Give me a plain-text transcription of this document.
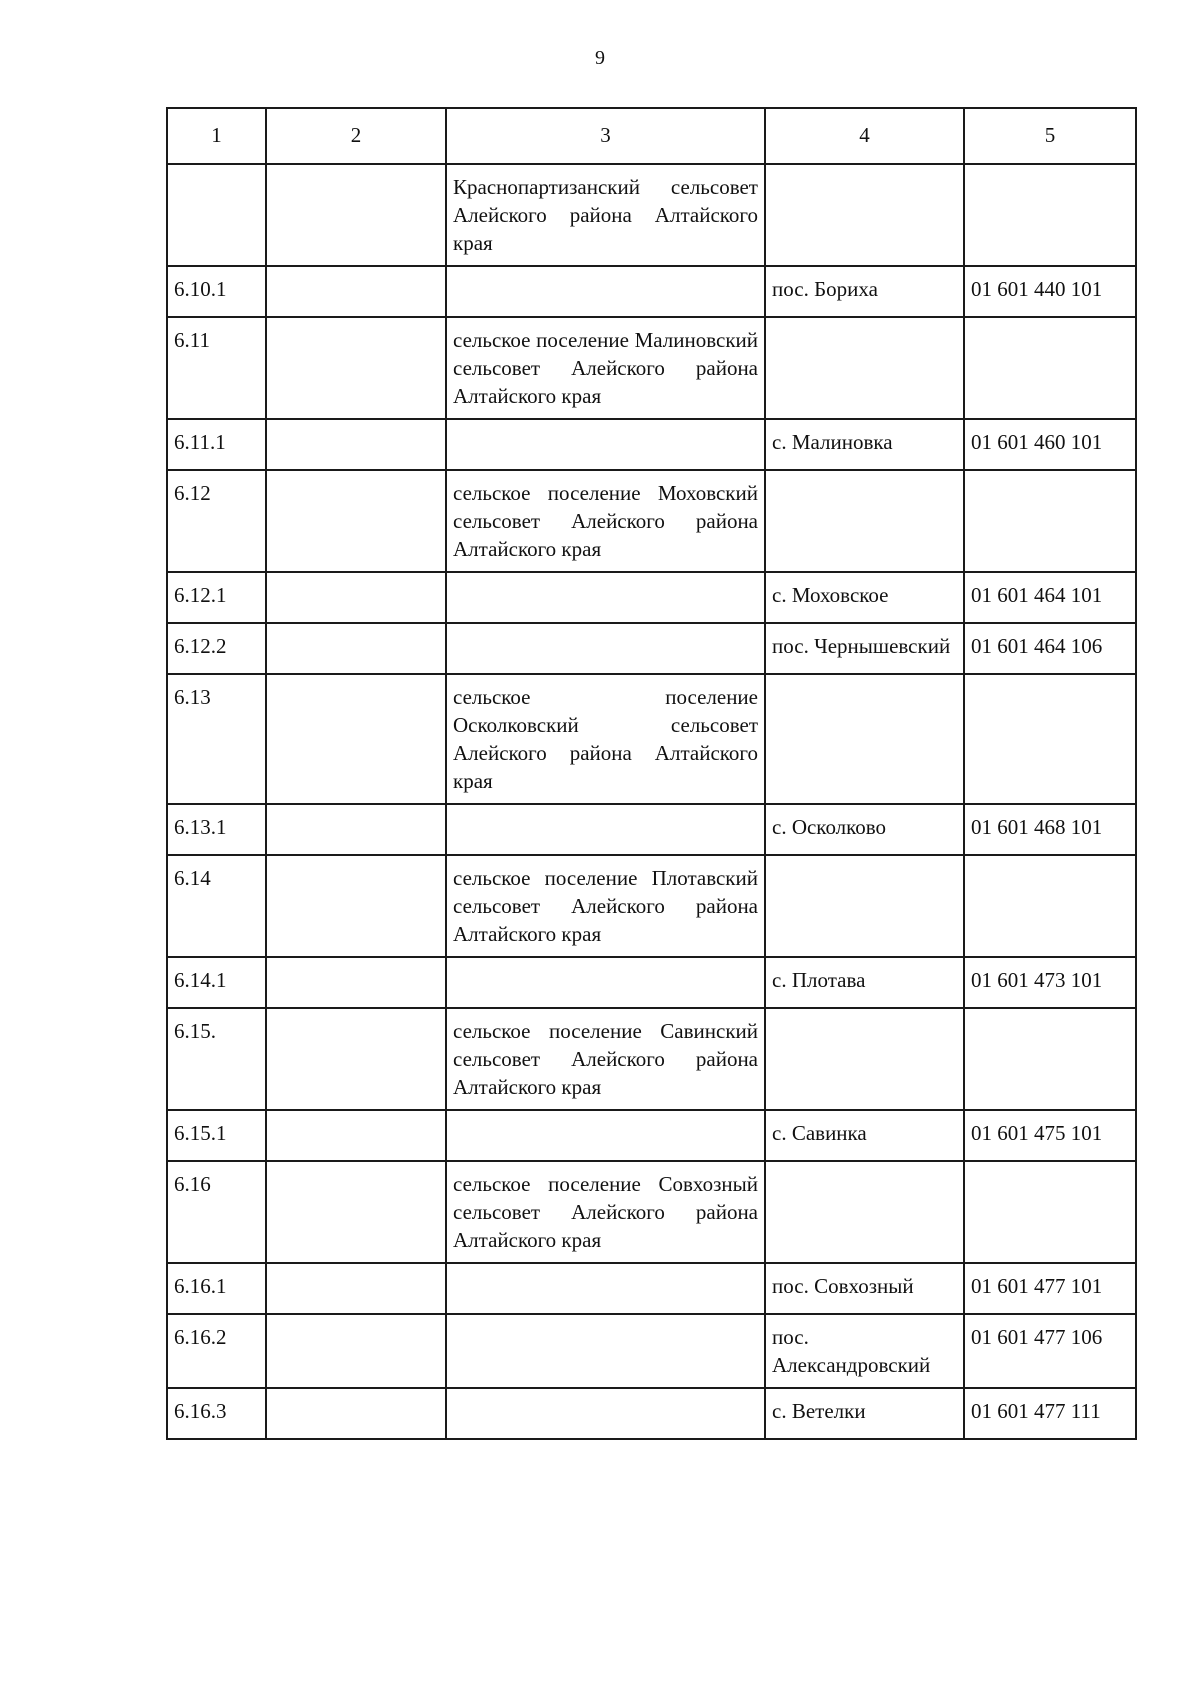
9
1	2	3	4	5
		Краснопартизанский сельсовет Алейского района Алтайского края		
6.10.1			пос. Бориха	01 601 440 101
6.11		сельское поселение Малиновский сельсовет Алейского района Алтайского края		
6.11.1			с. Малиновка	01 601 460 101
6.12		сельское поселение Моховский сельсовет Алейского района Алтайского края		
6.12.1			с. Моховское	01 601 464 101
6.12.2			пос. Чернышевский	01 601 464 106
6.13		сельское поселение Осколковский сельсовет Алейского района Алтайского края		
6.13.1			с. Осколково	01 601 468 101
6.14		сельское поселение Плотавский сельсовет Алейского района Алтайского края		
6.14.1			с. Плотава	01 601 473 101
6.15.		сельское поселение Савинский сельсовет Алейского района Алтайского края		
6.15.1			с. Савинка	01 601 475 101
6.16		сельское поселение Совхозный сельсовет Алейского района Алтайского края		
6.16.1			пос. Совхозный	01 601 477 101
6.16.2			пос. Александровский	01 601 477 106
6.16.3			с. Ветелки	01 601 477 111
